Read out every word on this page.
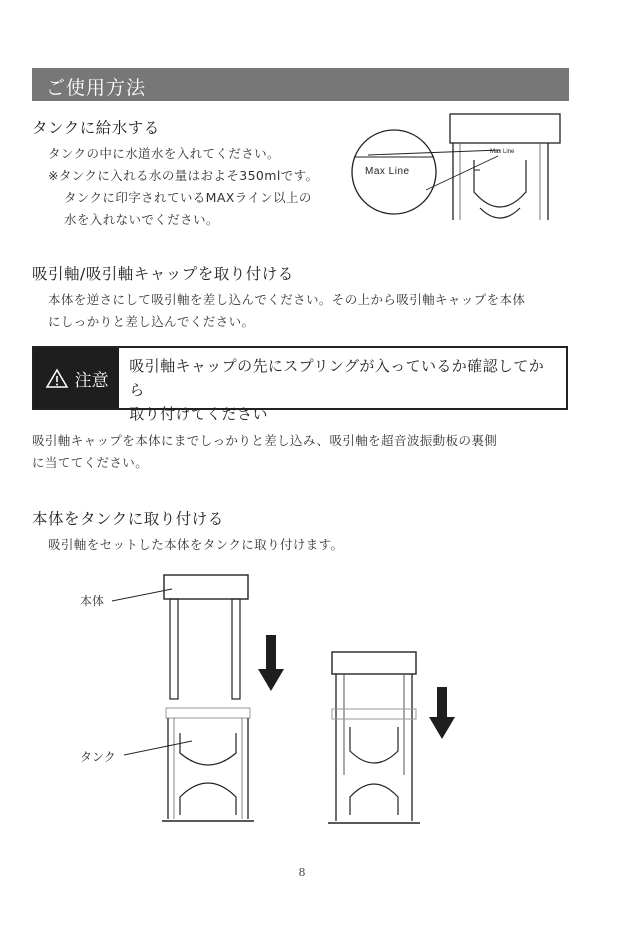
ご使用方法
タンクに給水する
タンクの中に水道水を入れてください。
※タンクに入れる水の量はおよそ350mlです。
タンクに印字されているMAXライン以上の
水を入れないでください。
Max Line
Max Line
吸引軸/吸引軸キャップを取り付ける
本体を逆さにして吸引軸を差し込んでください。その上から吸引軸キャップを本体
にしっかりと差し込んでください。
注意
吸引軸キャップの先にスプリングが入っているか確認してから
取り付けてください
吸引軸キャップを本体にまでしっかりと差し込み、吸引軸を超音波振動板の裏側
に当ててください。
本体をタンクに取り付ける
吸引軸をセットした本体をタンクに取り付けます。
本体
タンク
8
